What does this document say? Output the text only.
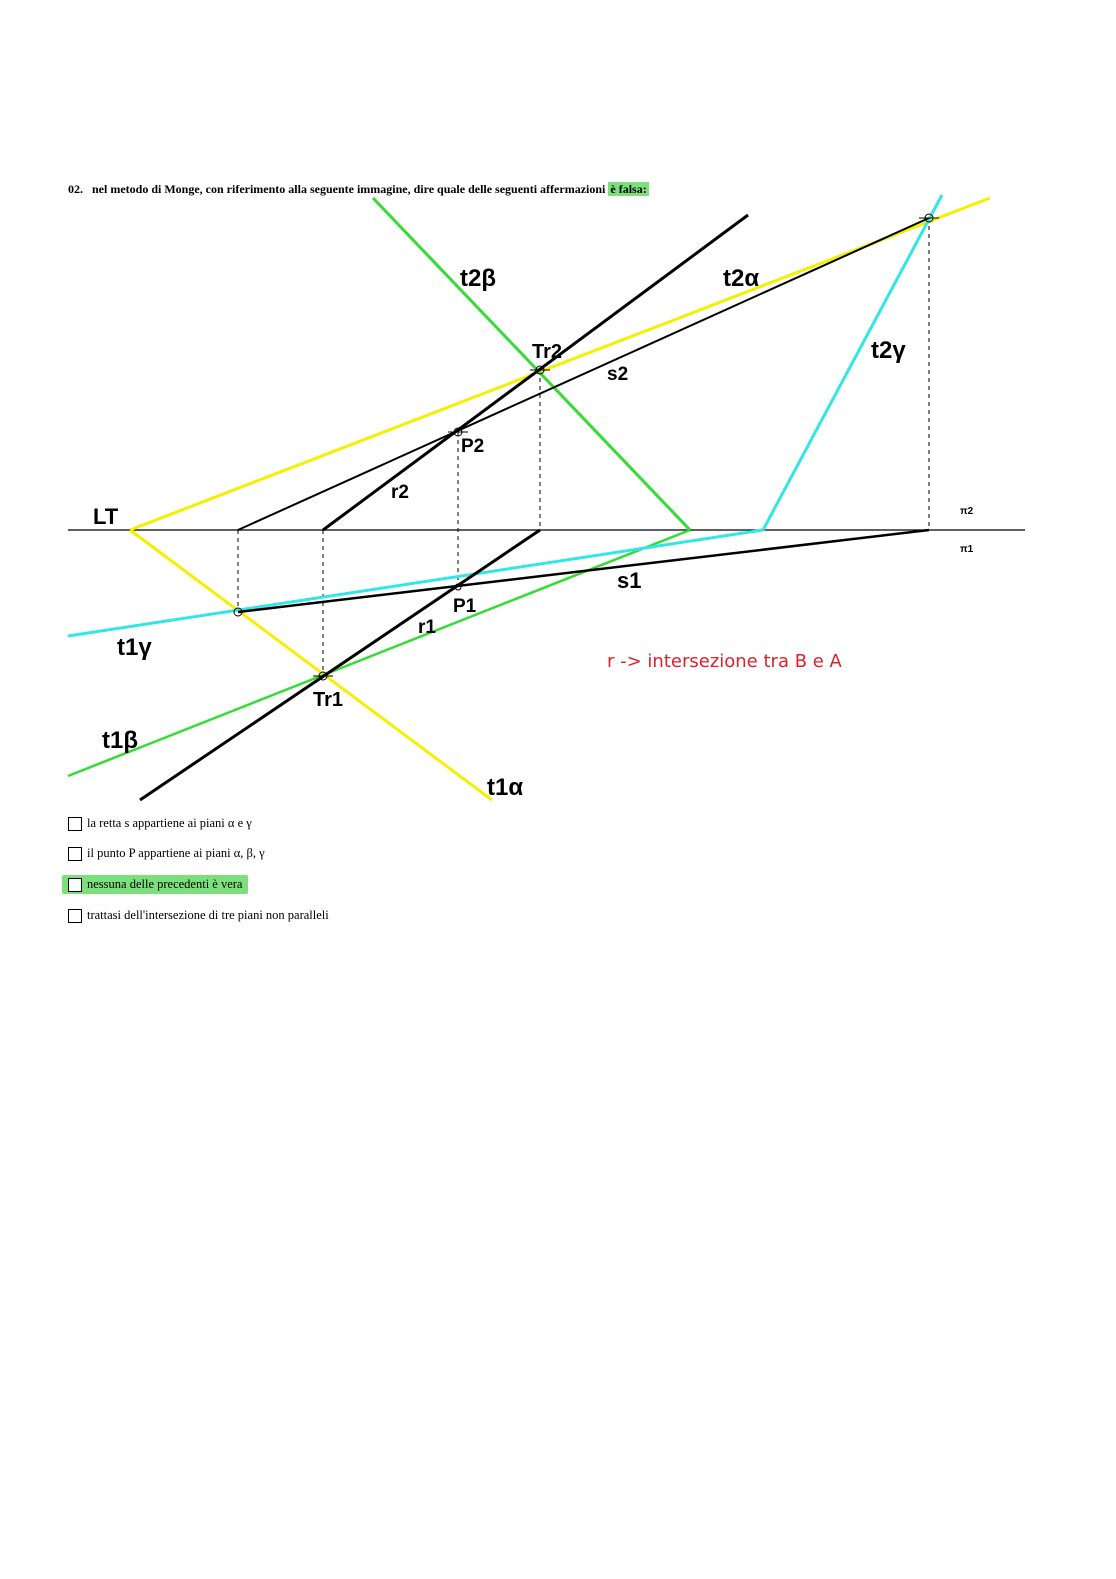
02. nel metodo di Monge, con riferimento alla seguente immagine, dire quale delle seguenti affermazioni è falsa:
LT
t2β	t2α
t2γ
Tr2
s2
P2
r2
π2
π1
s1
P1
r1
t1γ
Tr1
t1β
t1α
r -> intersezione tra B e A
la retta s appartiene ai piani α e γ
il punto P appartiene ai piani α, β, γ
nessuna delle precedenti è vera
trattasi dell'intersezione di tre piani non paralleli
